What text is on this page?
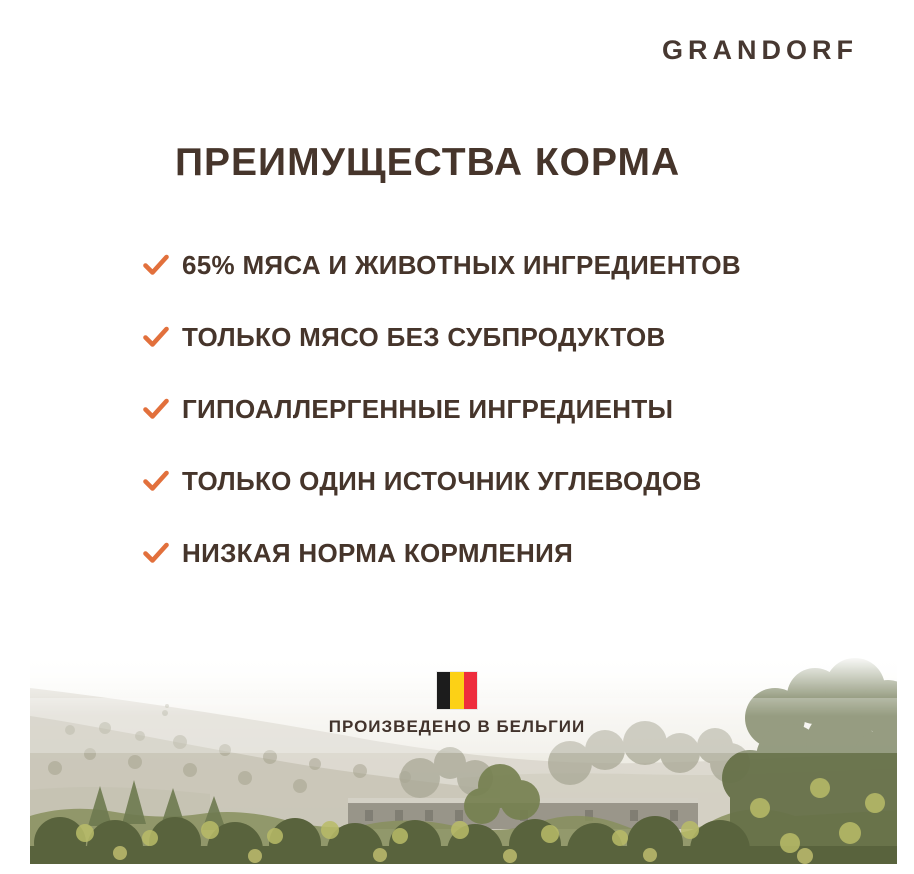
GRANDORF
ПРЕИМУЩЕСТВА КОРМА
65% МЯСА И ЖИВОТНЫХ ИНГРЕДИЕНТОВ
ТОЛЬКО МЯСО БЕЗ СУБПРОДУКТОВ
ГИПОАЛЛЕРГЕННЫЕ ИНГРЕДИЕНТЫ
ТОЛЬКО ОДИН ИСТОЧНИК УГЛЕВОДОВ
НИЗКАЯ НОРМА КОРМЛЕНИЯ
ПРОИЗВЕДЕНО В БЕЛЬГИИ
